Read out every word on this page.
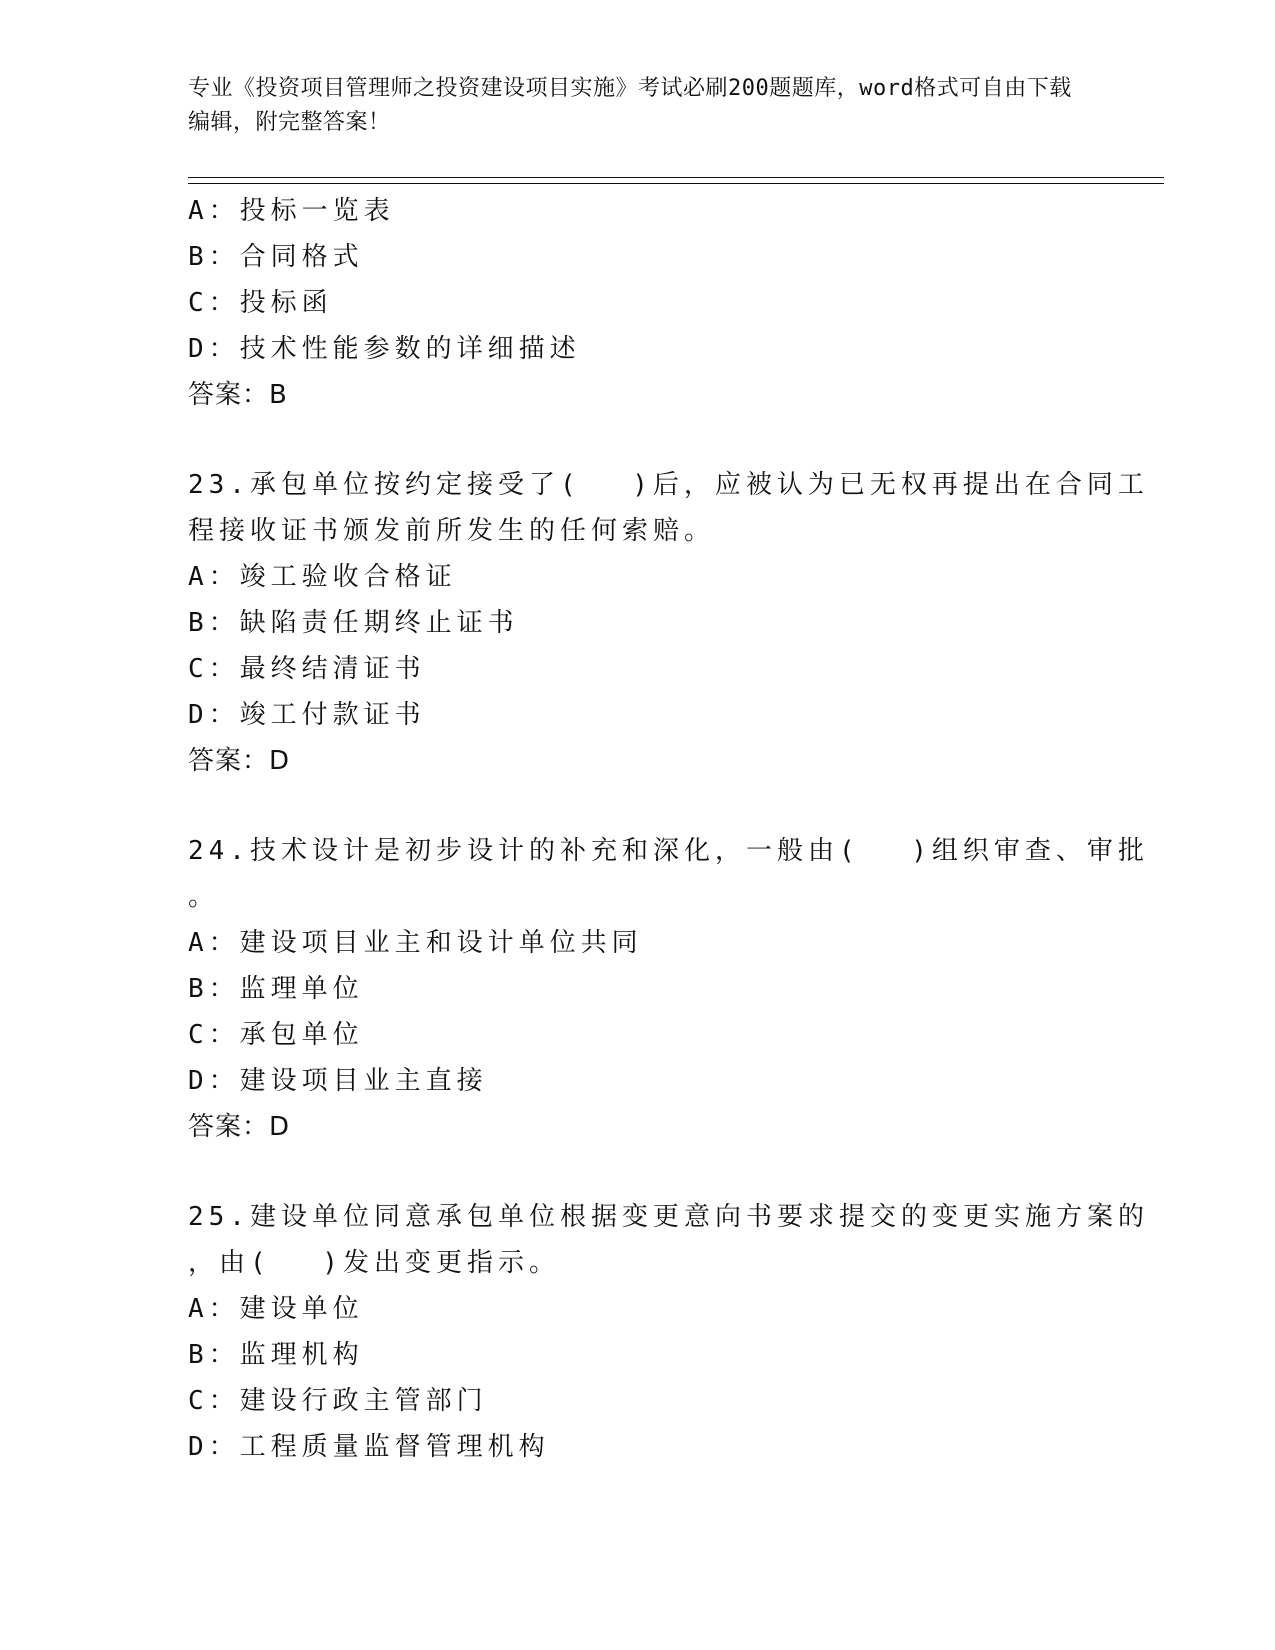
专业《投资项目管理师之投资建设项目实施》考试必刷200题题库，word格式可自由下载编辑，附完整答案！
A：投标一览表
B：合同格式
C：投标函
D：技术性能参数的详细描述
答案：B
23.承包单位按约定接受了(　 )后，应被认为已无权再提出在合同工
程接收证书颁发前所发生的任何索赔。
A：竣工验收合格证
B：缺陷责任期终止证书
C：最终结清证书
D：竣工付款证书
答案：D
24.技术设计是初步设计的补充和深化，一般由(　 )组织审查、审批
。
A：建设项目业主和设计单位共同
B：监理单位
C：承包单位
D：建设项目业主直接
答案：D
25.建设单位同意承包单位根据变更意向书要求提交的变更实施方案的
，由(　 )发出变更指示。
A：建设单位
B：监理机构
C：建设行政主管部门
D：工程质量监督管理机构
